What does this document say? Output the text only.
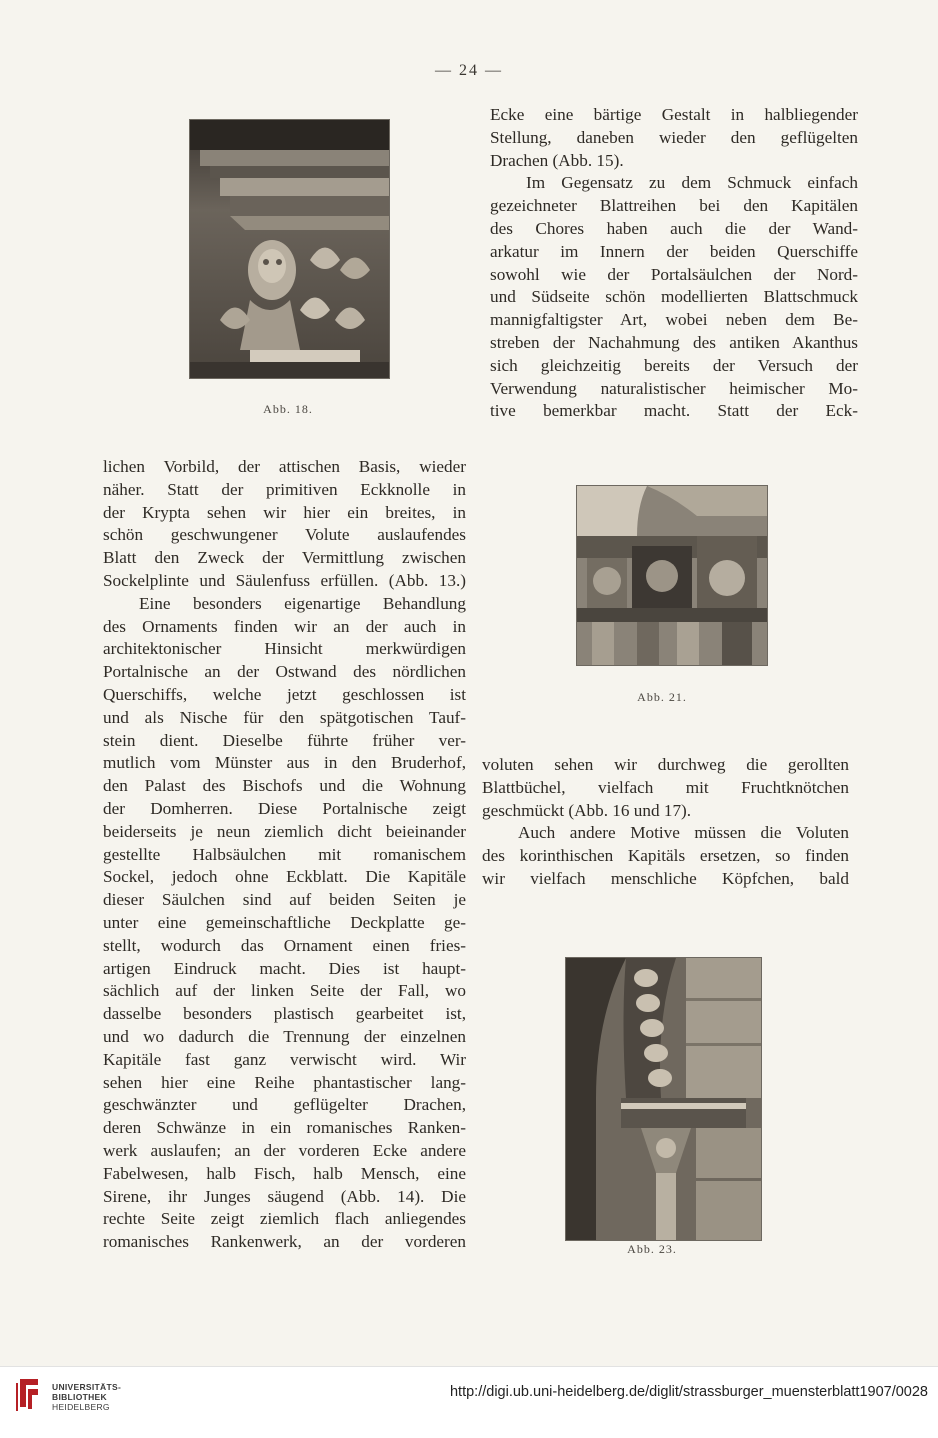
— 24 —
Abb. 18.
Ecke eine bärtige Gestalt in halbliegender
Stellung, daneben wieder den geflügelten
Drachen (Abb. 15).
Im Gegensatz zu dem Schmuck einfach
gezeichneter Blattreihen bei den Kapitälen
des Chores haben auch die der Wand-
arkatur im Innern der beiden Querschiffe
sowohl wie der Portalsäulchen der Nord-
und Südseite schön modellierten Blattschmuck
mannigfaltigster Art, wobei neben dem Be-
streben der Nachahmung des antiken Akanthus
sich gleichzeitig bereits der Versuch der
Verwendung naturalistischer heimischer Mo-
tive bemerkbar macht. Statt der Eck-
lichen Vorbild, der attischen Basis, wieder
näher. Statt der primitiven Eckknolle in
der Krypta sehen wir hier ein breites, in
schön geschwungener Volute auslaufendes
Blatt den Zweck der Vermittlung zwischen
Sockelplinte und Säulenfuss erfüllen. (Abb. 13.)
Eine besonders eigenartige Behandlung
des Ornaments finden wir an der auch in
architektonischer Hinsicht merkwürdigen
Portalnische an der Ostwand des nördlichen
Querschiffs, welche jetzt geschlossen ist
und als Nische für den spätgotischen Tauf-
stein dient. Dieselbe führte früher ver-
mutlich vom Münster aus in den Bruderhof,
den Palast des Bischofs und die Wohnung
der Domherren. Diese Portalnische zeigt
beiderseits je neun ziemlich dicht beieinander
gestellte Halbsäulchen mit romanischem
Sockel, jedoch ohne Eckblatt. Die Kapitäle
dieser Säulchen sind auf beiden Seiten je
unter eine gemeinschaftliche Deckplatte ge-
stellt, wodurch das Ornament einen fries-
artigen Eindruck macht. Dies ist haupt-
sächlich auf der linken Seite der Fall, wo
dasselbe besonders plastisch gearbeitet ist,
und wo dadurch die Trennung der einzelnen
Kapitäle fast ganz verwischt wird. Wir
sehen hier eine Reihe phantastischer lang-
geschwänzter und geflügelter Drachen,
deren Schwänze in ein romanisches Ranken-
werk auslaufen; an der vorderen Ecke andere
Fabelwesen, halb Fisch, halb Mensch, eine
Sirene, ihr Junges säugend (Abb. 14). Die
rechte Seite zeigt ziemlich flach anliegendes
romanisches Rankenwerk, an der vorderen
Abb. 21.
voluten sehen wir durchweg die gerollten
Blattbüchel, vielfach mit Fruchtknötchen
geschmückt (Abb. 16 und 17).
Auch andere Motive müssen die Voluten
des korinthischen Kapitäls ersetzen, so finden
wir vielfach menschliche Köpfchen, bald
Abb. 23.
UNIVERSITÄTS-
BIBLIOTHEK
HEIDELBERG
http://digi.ub.uni-heidelberg.de/diglit/strassburger_muensterblatt1907/0028
